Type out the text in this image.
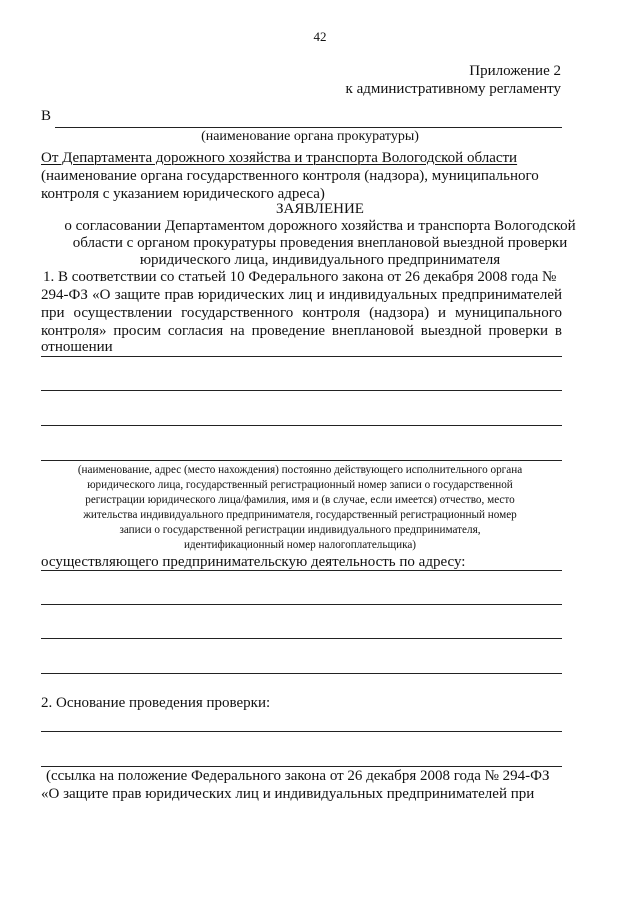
42
Приложение 2
к административному регламенту
В
(наименование органа прокуратуры)
От Департамента дорожного хозяйства и транспорта Вологодской области
(наименование органа государственного контроля (надзора), муниципального
контроля с указанием юридического адреса)
ЗАЯВЛЕНИЕ
о согласовании Департаментом дорожного хозяйства и транспорта Вологодской
области с органом прокуратуры проведения внеплановой выездной проверки
юридического лица, индивидуального предпринимателя
1. В соответствии со статьей 10 Федерального закона от 26 декабря 2008 года №
294-ФЗ «О защите прав юридических лиц и индивидуальных предпринимателей
при осуществлении государственного контроля (надзора) и муниципального
контроля» просим согласия на проведение внеплановой выездной проверки в
отношении
(наименование, адрес (место нахождения) постоянно действующего исполнительного органа
юридического лица, государственный регистрационный номер записи о государственной
регистрации юридического лица/фамилия, имя и (в случае, если имеется) отчество, место
жительства индивидуального предпринимателя, государственный регистрационный номер
записи о государственной регистрации индивидуального предпринимателя,
идентификационный номер налогоплательщика)
осуществляющего предпринимательскую деятельность по адресу:
2. Основание проведения проверки:
(ссылка на положение Федерального закона от 26 декабря 2008 года № 294-ФЗ
«О защите прав юридических лиц и индивидуальных предпринимателей при
